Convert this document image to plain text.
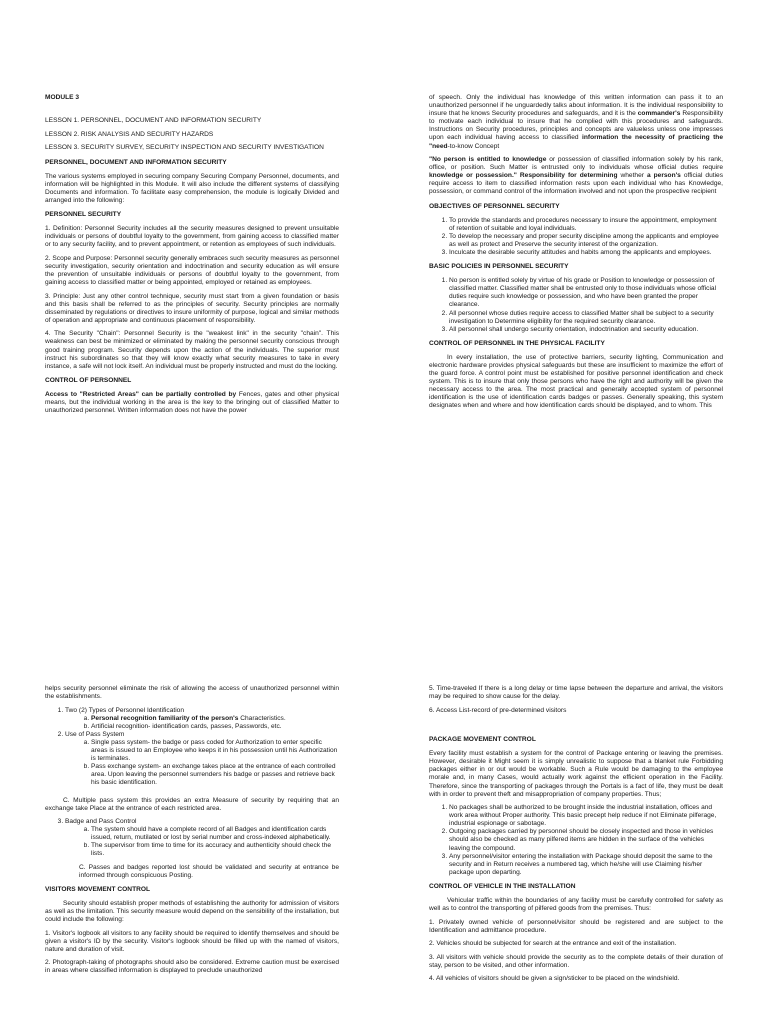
MODULE 3

LESSON 1. PERSONNEL, DOCUMENT AND INFORMATION SECURITY

LESSON 2. RISK ANALYSIS AND SECURITY HAZARDS

LESSON 3. SECURITY SURVEY, SECURITY INSPECTION AND SECURITY INVESTIGATION

PERSONNEL, DOCUMENT AND INFORMATION SECURITY

The various systems employed in securing company Securing Company Personnel, documents, and information will be highlighted in this Module. It will also include the different systems of classifying Documents and information. To facilitate easy comprehension, the module is logically Divided and arranged into the following:

PERSONNEL SECURITY

1. Definition: Personnel Security includes all the security measures designed to prevent unsuitable individuals or persons of doubtful loyalty to the government, from gaining access to classified matter or to any security facility, and to prevent appointment, or retention as employees of such individuals.

2. Scope and Purpose: Personnel security generally embraces such security measures as personnel security investigation, security orientation and indoctrination and security education as will ensure the prevention of unsuitable individuals or persons of doubtful loyalty to the government, from gaining access to classified matter or being appointed, employed or retained as employees.

3. Principle: Just any other control technique, security must start from a given foundation or basis and this basis shall be referred to as the principles of security. Security principles are normally disseminated by regulations or directives to insure uniformity of purpose, logical and similar methods of operation and appropriate and continuous placement of responsibility.

4. The Security "Chain": Personnel Security is the "weakest link" in the security "chain". This weakness can best be minimized or eliminated by making the personnel security conscious through good training program. Security depends upon the action of the individuals. The superior must instruct his subordinates so that they will know exactly what security measures to take in every instance, a safe will not lock itself. An individual must be properly instructed and must do the locking.

CONTROL OF PERSONNEL

Access to "Restricted Areas" can be partially controlled by Fences, gates and other physical means, but the individual working in the area is the key to the bringing out of classified Matter to unauthorized personnel. Written information does not have the power

of speech. Only the individual has knowledge of this written information can pass it to an unauthorized personnel if he unguardedly talks about information. It is the individual responsibility to insure that he knows Security procedures and safeguards, and it is the commander's Responsibility to motivate each individual to insure that he complied with this procedures and safeguards. Instructions on Security procedures, principles and concepts are valueless unless one impresses upon each individual having access to classified information the necessity of practicing the "need-to-know Concept

"No person is entitled to knowledge or possession of classified information solely by his rank, office, or position. Such Matter is entrusted only to individuals whose official duties require knowledge or possession." Responsibility for determining whether a person's official duties require access to item to classified information rests upon each individual who has Knowledge, possession, or command control of the information involved and not upon the prospective recipient

OBJECTIVES OF PERSONNEL SECURITY

1. To provide the standards and procedures necessary to insure the appointment, employment of retention of suitable and loyal individuals.
2. To develop the necessary and proper security discipline among the applicants and employee as well as protect and Preserve the security interest of the organization.
3. Inculcate the desirable security attitudes and habits among the applicants and employees.

BASIC POLICIES IN PERSONNEL SECURITY

1. No person is entitled solely by virtue of his grade or Position to knowledge or possession of classified matter. Classified matter shall be entrusted only to those individuals whose official duties require such knowledge or possession, and who have been granted the proper clearance.
2. All personnel whose duties require access to classified Matter shall be subject to a security investigation to Determine eligibility for the required security clearance.
3. All personnel shall undergo security orientation, indoctrination and security education.

CONTROL OF PERSONNEL IN THE PHYSICAL FACILITY

In every installation, the use of protective barriers, security lighting, Communication and electronic hardware provides physical safeguards but these are insufficient to maximize the effort of the guard force. A control point must be established for positive personnel identification and check system. This is to insure that only those persons who have the right and authority will be given the necessary access to the area. The most practical and generally accepted system of personnel identification is the use of identification cards badges or passes. Generally speaking, this system designates when and where and how identification cards should be displayed, and to whom. This

helps security personnel eliminate the risk of allowing the access of unauthorized personnel within the establishments.

1. Two (2) Types of Personnel Identification
a. Personal recognition familiarity of the person's Characteristics.
b. Artificial recognition- identification cards, passes, Passwords, etc.
2. Use of Pass System
a. Single pass system- the badge or pass coded for Authorization to enter specific areas is issued to an Employee who keeps it in his possession until his Authorization is terminates.
b. Pass exchange system- an exchange takes place at the entrance of each controlled area. Upon leaving the personnel surrenders his badge or passes and retrieve back his basic identification.

C. Multiple pass system this provides an extra Measure of security by requiring that an exchange take Place at the entrance of each restricted area.

3. Badge and Pass Control
a. The system should have a complete record of all Badges and identification cards issued, return, mutilated or lost by serial number and cross-indexed alphabetically.
b. The supervisor from time to time for its accuracy and authenticity should check the lists.

C. Passes and badges reported lost should be validated and security at entrance be informed through conspicuous Posting.

VISITORS MOVEMENT CONTROL

Security should establish proper methods of establishing the authority for admission of visitors as well as the limitation. This security measure would depend on the sensibility of the installation, but could include the following:

1. Visitor's logbook all visitors to any facility should be required to identify themselves and should be given a visitor's ID by the security. Visitor's logbook should be filled up with the named of visitors, nature and duration of visit.

2. Photograph-taking of photographs should also be considered. Extreme caution must be exercised in areas where classified information is displayed to preclude unauthorized

5. Time-traveled If there is a long delay or time lapse between the departure and arrival, the visitors may be required to show cause for the delay.

6. Access List-record of pre-determined visitors

PACKAGE MOVEMENT CONTROL

Every facility must establish a system for the control of Package entering or leaving the premises. However, desirable it Might seem it is simply unrealistic to suppose that a blanket rule Forbidding packages either in or out would be workable. Such a Rule would be damaging to the employee morale and, in many Cases, would actually work against the efficient operation in the Facility. Therefore, since the transporting of packages through the Portals is a fact of life, they must be dealt with in order to prevent theft and misappropriation of company properties. Thus;

1. No packages shall be authorized to be brought inside the industrial installation, offices and work area without Proper authority. This basic precept help reduce if not Eliminate pilferage, industrial espionage or sabotage.
2. Outgoing packages carried by personnel should be closely inspected and those in vehicles should also be checked as many pilfered items are hidden in the surface of the vehicles leaving the compound.
3. Any personnel/visitor entering the installation with Package should deposit the same to the security and in Return receives a numbered tag, which he/she will use Claiming his/her package upon departing.

CONTROL OF VEHICLE IN THE INSTALLATION

Vehicular traffic within the boundaries of any facility must be carefully controlled for safety as well as to control the transporting of pilfered goods from the premises. Thus:

1. Privately owned vehicle of personnel/visitor should be registered and are subject to the Identification and admittance procedure.

2. Vehicles should be subjected for search at the entrance and exit of the installation.

3. All visitors with vehicle should provide the security as to the complete details of their duration of stay, person to be visited, and other information.

4. All vehicles of visitors should be given a sign/sticker to be placed on the windshield.
